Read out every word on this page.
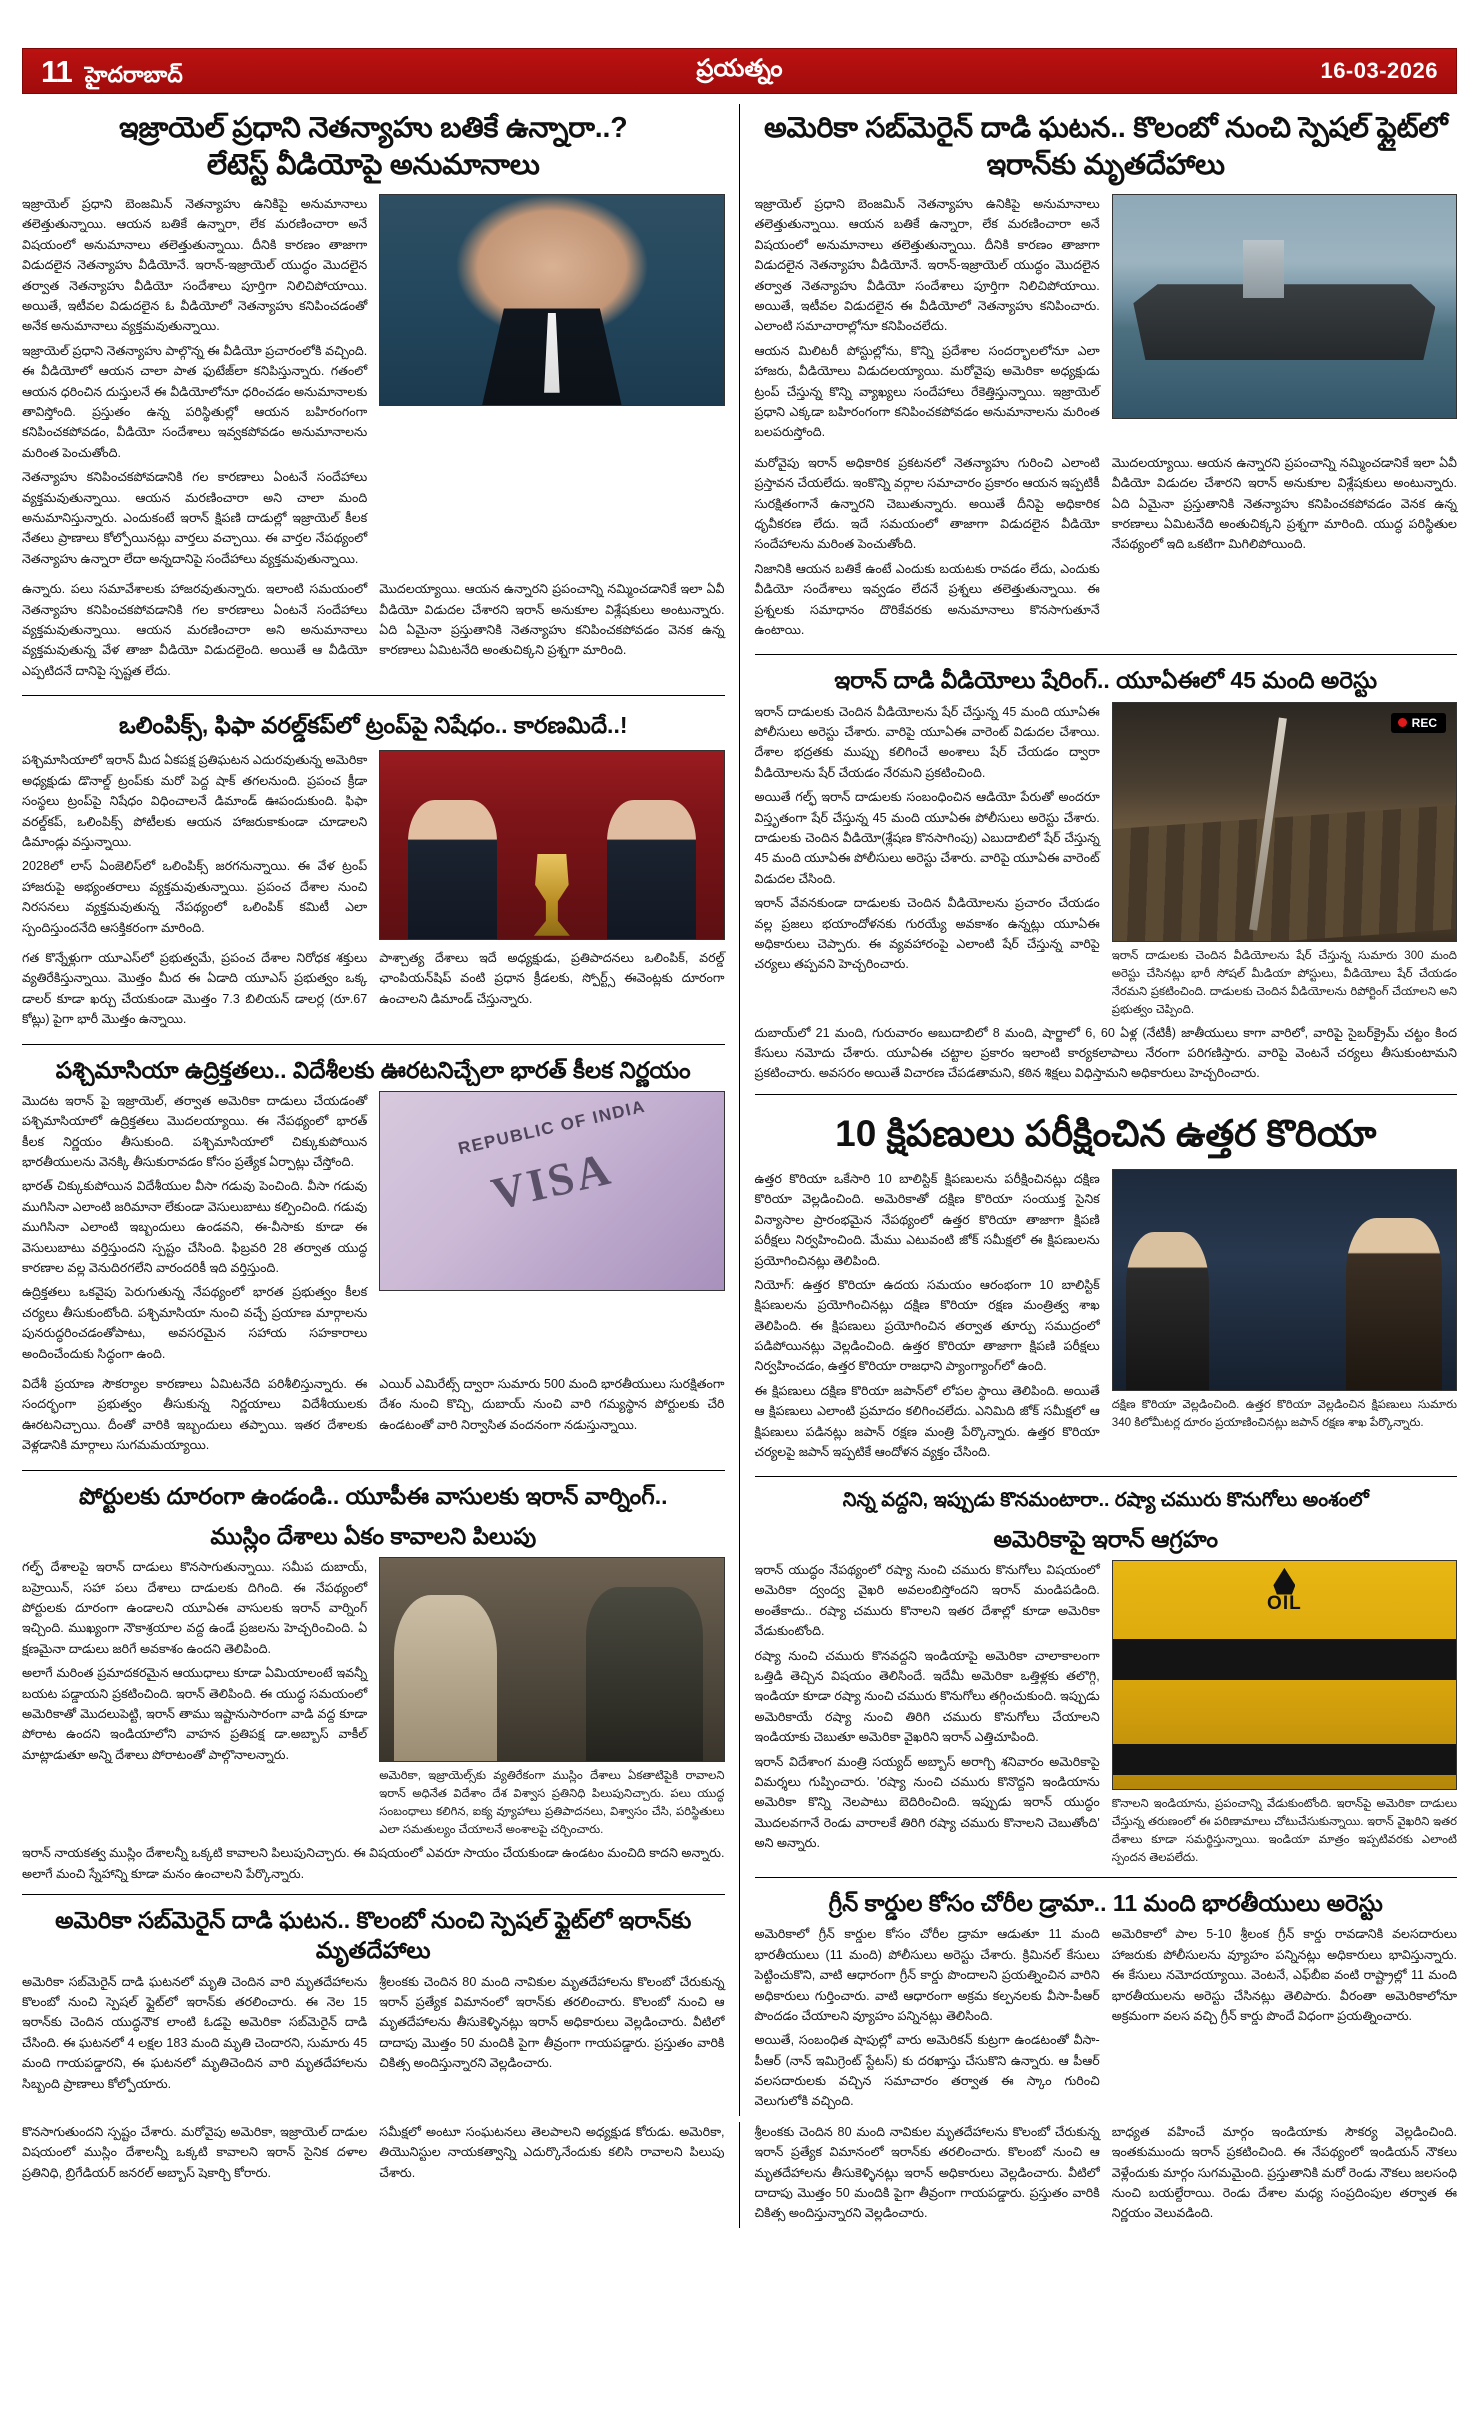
11 హైదరాబాద్	ప్రయత్నం	16-03-2026
ఇజ్రాయెల్ ప్రధాని నెతన్యాహు బతికే ఉన్నారా..?
లేటెస్ట్ వీడియోపై అనుమానాలు

ఇజ్రాయెల్ ప్రధాని బెంజమిన్ నెతన్యాహు ఉనికిపై అనుమానాలు తలెత్తుతున్నాయి. ఆయన బతికే ఉన్నారా, లేక మరణించారా అనే విషయంలో అనుమానాలు తలెత్తుతున్నాయి. దీనికి కారణం తాజాగా విడుదలైన నెతన్యాహు వీడియోనే. ఇరాన్-ఇజ్రాయెల్ యుద్ధం మొదలైన తర్వాత నెతన్యాహు వీడియో సందేశాలు పూర్తిగా నిలిచిపోయాయి. అయితే, ఇటీవల విడుదలైన ఓ వీడియోలో నెతన్యాహు కనిపించడంతో అనేక అనుమానాలు వ్యక్తమవుతున్నాయి.

ఇజ్రాయెల్ ప్రధాని నెతన్యాహు పాల్గొన్న ఈ వీడియో ప్రచారంలోకి వచ్చింది. ఈ వీడియోలో ఆయన చాలా పాత ఫుటేజ్‌లా కనిపిస్తున్నారు. గతంలో ఆయన ధరించిన దుస్తులనే ఈ వీడియోలోనూ ధరించడం అనుమానాలకు తావిస్తోంది. ప్రస్తుతం ఉన్న పరిస్థితుల్లో ఆయన బహిరంగంగా కనిపించకపోవడం, వీడియో సందేశాలు ఇవ్వకపోవడం అనుమానాలను మరింత పెంచుతోంది.

నెతన్యాహు కనిపించకపోవడానికి గల కారణాలు ఏంటనే సందేహాలు వ్యక్తమవుతున్నాయి. ఆయన మరణించారా అని చాలా మంది అనుమానిస్తున్నారు. ఎందుకంటే ఇరాన్ క్షిపణి దాడుల్లో ఇజ్రాయెల్ కీలక నేతలు ప్రాణాలు కోల్పోయినట్లు వార్తలు వచ్చాయి. ఈ వార్తల నేపథ్యంలో నెతన్యాహు ఉన్నారా లేదా అన్నదానిపై సందేహాలు వ్యక్తమవుతున్నాయి.

ఉన్నారు. పలు సమావేశాలకు హాజరవుతున్నారు. ఇలాంటి సమయంలో నెతన్యాహు కనిపించకపోవడానికి గల కారణాలు ఏంటనే సందేహాలు వ్యక్తమవుతున్నాయి. ఆయన మరణించారా అని అనుమానాలు వ్యక్తమవుతున్న వేళ తాజా వీడియో విడుదలైంది. అయితే ఆ వీడియో ఎప్పటిదనే దానిపై స్పష్టత లేదు.

మొదలయ్యాయి. ఆయన ఉన్నారని ప్రపంచాన్ని నమ్మించడానికే ఇలా ఏవీ వీడియో విడుదల చేశారని ఇరాన్ అనుకూల విశ్లేషకులు అంటున్నారు. ఏది ఏమైనా ప్రస్తుతానికి నెతన్యాహు కనిపించకపోవడం వెనక ఉన్న కారణాలు ఏమిటనేది అంతుచిక్కని ప్రశ్నగా మారింది.

ఒలింపిక్స్, ఫిఫా వరల్డ్‌కప్‌లో ట్రంప్‌పై నిషేధం.. కారణమిదే..!

పశ్చిమాసియాలో ఇరాన్ మీద ఏకపక్ష ప్రతిఘటన ఎదురవుతున్న అమెరికా అధ్యక్షుడు డొనాల్డ్ ట్రంప్‌కు మరో పెద్ద షాక్ తగలనుంది. ప్రపంచ క్రీడా సంస్థలు ట్రంప్‌పై నిషేధం విధించాలనే డిమాండ్ ఊపందుకుంది. ఫిఫా వరల్డ్‌కప్, ఒలింపిక్స్ పోటీలకు ఆయన హాజరుకాకుండా చూడాలని డిమాండ్లు వస్తున్నాయి.

2028లో లాస్ ఏంజెలిస్‌లో ఒలింపిక్స్ జరగనున్నాయి. ఈ వేళ ట్రంప్ హాజరుపై అభ్యంతరాలు వ్యక్తమవుతున్నాయి. ప్రపంచ దేశాల నుంచి నిరసనలు వ్యక్తమవుతున్న నేపథ్యంలో ఒలింపిక్ కమిటీ ఎలా స్పందిస్తుందనేది ఆసక్తికరంగా మారింది.

గత కొన్నేళ్లుగా యూఎస్‌లో ప్రభుత్వమే, ప్రపంచ దేశాల నిరోధక శక్తులు వ్యతిరేకిస్తున్నాయి. మొత్తం మీద ఈ ఏడాది యూఎస్ ప్రభుత్వం ఒక్క డాలర్ కూడా ఖర్చు చేయకుండా మొత్తం 7.3 బిలియన్ డాలర్ల (రూ.67 కోట్లు) పైగా భారీ మొత్తం ఉన్నాయి.

పాశ్చాత్య దేశాలు ఇదే అధ్యక్షుడు, ప్రతిపాదనలు ఒలింపిక్, వరల్డ్ ఛాంపియన్‌షిప్ వంటి ప్రధాన క్రీడలకు, స్పోర్ట్స్ ఈవెంట్లకు దూరంగా ఉంచాలని డిమాండ్ చేస్తున్నారు.

పశ్చిమాసియా ఉద్రిక్తతలు.. విదేశీలకు ఊరటనిచ్చేలా భారత్ కీలక నిర్ణయం

మెుదట ఇరాన్ పై ఇజ్రాయెల్, తర్వాత అమెరికా దాడులు చేయడంతో పశ్చిమాసియాలో ఉద్రిక్తతలు మొదలయ్యాయి. ఈ నేపథ్యంలో భారత్ కీలక నిర్ణయం తీసుకుంది. పశ్చిమాసియాలో చిక్కుకుపోయిన భారతీయులను వెనక్కి తీసుకురావడం కోసం ప్రత్యేక ఏర్పాట్లు చేస్తోంది.

భారత్ చిక్కుకుపోయిన విదేశీయుల వీసా గడువు పెంచింది. వీసా గడువు ముగిసినా ఎలాంటి జరిమానా లేకుండా వెసులుబాటు కల్పించింది. గడువు ముగిసినా ఎలాంటి ఇబ్బందులు ఉండవని, ఈ-వీసాకు కూడా ఈ వెసులుబాటు వర్తిస్తుందని స్పష్టం చేసింది. ఫిబ్రవరి 28 తర్వాత యుద్ధ కారణాల వల్ల వెనుదిరగలేని వారందరికీ ఇది వర్తిస్తుంది.

ఉద్రిక్తతలు ఒకవైపు పెరుగుతున్న నేపథ్యంలో భారత ప్రభుత్వం కీలక చర్యలు తీసుకుంటోంది. పశ్చిమాసియా నుంచి వచ్చే ప్రయాణ మార్గాలను పునరుద్ధరించడంతోపాటు, అవసరమైన సహాయ సహకారాలు అందించేందుకు సిద్ధంగా ఉంది.

VISA REPUBLIC OF INDIA

విదేశీ ప్రయాణ సౌకర్యాల కారణాలు ఏమిటనేది పరిశీలిస్తున్నారు. ఈ సందర్భంగా ప్రభుత్వం తీసుకున్న నిర్ణయాలు విదేశీయులకు ఊరటనిచ్చాయి. దీంతో వారికి ఇబ్బందులు తప్పాయి. ఇతర దేశాలకు వెళ్లడానికి మార్గాలు సుగమమయ్యాయి.

ఎయిర్ ఎమిరేట్స్ ద్వారా సుమారు 500 మంది భారతీయులు సురక్షితంగా దేశం నుంచి కొచ్చి, దుబాయ్ నుంచి వారి గమ్యస్థాన పోర్టులకు చేరి ఉండటంతో వారి నిర్వాసిత వందనంగా నడుస్తున్నాయి.

పోర్టులకు దూరంగా ఉండండి.. యూపీఈ వాసులకు ఇరాన్ వార్నింగ్..
ముస్లిం దేశాలు ఏకం కావాలని పిలుపు

గల్ఫ్ దేశాలపై ఇరాన్ దాడులు కొనసాగుతున్నాయి. సమీప దుబాయ్, బహ్రెయిన్, సహా పలు దేశాలు దాడులకు దిగింది. ఈ నేపథ్యంలో పోర్టులకు దూరంగా ఉండాలని యూఏఈ వాసులకు ఇరాన్ వార్నింగ్ ఇచ్చింది. ముఖ్యంగా నౌకాశ్రయాల వద్ద ఉండే ప్రజలను హెచ్చరించింది. ఏ క్షణమైనా దాడులు జరిగే అవకాశం ఉందని తెలిపింది.

అలాగే మరింత ప్రమాదకరమైన ఆయుధాలు కూడా ఏమియాలంటే ఇవన్నీ బయట పడ్డాయని ప్రకటించింది. ఇరాన్ తెలిపింది. ఈ యుద్ధ సమయంలో అమెరికాతో మొదలుపెట్టి, ఇరాన్ తాము ఇష్టానుసారంగా వాడి వద్ద కూడా పోరాట ఉందని ఇండియాలోని వాహన ప్రతిపక్ష డా.అబ్బాస్ వాకీల్ మాట్లాడుతూ అన్ని దేశాలు పోరాటంతో పాల్గొనాలన్నారు.

అమెరికా, ఇజ్రాయెల్స్‌కు వ్యతిరేకంగా ముస్లిం దేశాలు ఏకతాటిపైకి రావాలని ఇరాన్ అధినేత విదేశాం దేశ విశ్వాస ప్రతినిధి పిలుపునిచ్చారు. పలు యుద్ధ సంబంధాలు కలిగిన, ఐక్య వ్యూహాలు ప్రతిపాదనలు, విశ్వాసం చేసి, పరిస్థితులు ఎలా సమతుల్యం చేయాలనే అంశాలపై చర్చించారు.

ఇరాన్ నాయకత్వ ముస్లిం దేశాలన్నీ ఒక్కటి కావాలని పిలుపునిచ్చారు. ఈ విషయంలో ఎవరూ సాయం చేయకుండా ఉండటం మంచిది కాదని అన్నారు. అలాగే మంచి స్నేహాన్ని కూడా మనం ఉంచాలని పేర్కొన్నారు.

అమెరికా సబ్‌మెరైన్ దాడి ఘటన.. కొలంబో నుంచి స్పెషల్ ఫ్లైట్‌లో ఇరాన్‌కు మృతదేహాలు

అమెరికా సబ్‌మెరైన్ దాడి ఘటనలో మృతి చెందిన వారి మృతదేహాలను కొలంబో నుంచి స్పెషల్ ఫ్లైట్‌లో ఇరాన్‌కు తరలించారు. ఈ నెల 15 ఇరాన్‌కు చెందిన యుద్ధనౌక లాంటి ఓడపై అమెరికా సబ్‌మెరైన్ దాడి చేసింది. ఈ ఘటనలో 4 లక్షల 183 మంది మృతి చెందారని, సుమారు 45 మంది గాయపడ్డారని, ఈ ఘటనలో మృతిచెందిన వారి మృతదేహాలను సిబ్బంది ప్రాణాలు కోల్పోయారు.

శ్రీలంకకు చెందిన 80 మంది నావికుల మృతదేహాలను కొలంబో చేరుకున్న ఇరాన్ ప్రత్యేక విమానంలో ఇరాన్‌కు తరలించారు. కొలంబో నుంచి ఆ మృతదేహాలను తీసుకెళ్ళినట్లు ఇరాన్ అధికారులు వెల్లడించారు. వీటిలో దాదాపు మొత్తం 50 మందికి పైగా తీవ్రంగా గాయపడ్డారు. ప్రస్తుతం వారికి చికిత్స అందిస్తున్నారని వెల్లడించారు.

అమెరికా సబ్‌మెరైన్ దాడి ఘటన.. కొలంబో నుంచి స్పెషల్ ఫ్లైట్‌లో
ఇరాన్‌కు మృతదేహాలు

ఇజ్రాయెల్ ప్రధాని బెంజమిన్ నెతన్యాహు ఉనికిపై అనుమానాలు తలెత్తుతున్నాయి. ఆయన బతికే ఉన్నారా, లేక మరణించారా అనే విషయంలో అనుమానాలు తలెత్తుతున్నాయి. దీనికి కారణం తాజాగా విడుదలైన నెతన్యాహు వీడియోనే. ఇరాన్-ఇజ్రాయెల్ యుద్ధం మొదలైన తర్వాత నెతన్యాహు వీడియో సందేశాలు పూర్తిగా నిలిచిపోయాయి. అయితే, ఇటీవల విడుదలైన ఈ వీడియోలో నెతన్యాహు కనిపించారు. ఎలాంటి సమాచారాల్లోనూ కనిపించలేదు.

ఆయన మిలిటరీ పోస్టుల్లోను, కొన్ని ప్రదేశాల సందర్భాలలోనూ ఎలా హాజరు, వీడియోలు విడుదలయ్యాయి. మరోవైపు అమెరికా అధ్యక్షుడు ట్రంప్ చేస్తున్న కొన్ని వ్యాఖ్యలు సందేహాలు రేకెత్తిస్తున్నాయి. ఇజ్రాయెల్ ప్రధాని ఎక్కడా బహిరంగంగా కనిపించకపోవడం అనుమానాలను మరింత బలపరుస్తోంది.

మరోవైపు ఇరాన్ అధికారిక ప్రకటనలో నెతన్యాహు గురించి ఎలాంటి ప్రస్తావన చేయలేదు. ఇంకొన్ని వర్గాల సమాచారం ప్రకారం ఆయన ఇప్పటికీ సురక్షితంగానే ఉన్నారని చెబుతున్నారు. అయితే దీనిపై అధికారిక ధృవీకరణ లేదు. ఇదే సమయంలో తాజాగా విడుదలైన వీడియో సందేహాలను మరింత పెంచుతోంది.

నిజానికి ఆయన బతికే ఉంటే ఎందుకు బయటకు రావడం లేదు, ఎందుకు వీడియో సందేశాలు ఇవ్వడం లేదనే ప్రశ్నలు తలెత్తుతున్నాయి. ఈ ప్రశ్నలకు సమాధానం దొరికేవరకు అనుమానాలు కొనసాగుతూనే ఉంటాయి.

మొదలయ్యాయి. ఆయన ఉన్నారని ప్రపంచాన్ని నమ్మించడానికే ఇలా ఏవీ వీడియో విడుదల చేశారని ఇరాన్ అనుకూల విశ్లేషకులు అంటున్నారు. ఏది ఏమైనా ప్రస్తుతానికి నెతన్యాహు కనిపించకపోవడం వెనక ఉన్న కారణాలు ఏమిటనేది అంతుచిక్కని ప్రశ్నగా మారింది. యుద్ధ పరిస్థితుల నేపథ్యంలో ఇది ఒకటిగా మిగిలిపోయింది.

ఇరాన్ దాడి వీడియోలు షేరింగ్.. యూఏఈలో 45 మంది అరెస్టు

ఇరాన్ దాడులకు చెందిన వీడియోలను షేర్ చేస్తున్న 45 మంది యూఏఈ పోలీసులు అరెస్టు చేశారు. వారిపై యూఏఈ వారెంట్ విడుదల చేశాయి. దేశాల భద్రతకు ముప్పు కలిగించే అంశాలు షేర్ చేయడం ద్వారా వీడియోలను షేర్ చేయడం నేరమని ప్రకటించింది.

అయితే గల్ఫ్ ఇరాన్ దాడులకు సంబంధించిన ఆడియో పేరుతో అందరూ విస్తృతంగా షేర్ చేస్తున్న 45 మంది యూఏఈ పోలీసులు అరెస్టు చేశారు. దాడులకు చెందిన వీడియో(శ్లేషణ కొనసాగింపు) ఎబుదాబిలో షేర్ చేస్తున్న 45 మంది యూఏఈ పోలీసులు అరెస్టు చేశారు. వారిపై యూఏఈ వారెంట్ విడుదల చేసింది.

ఇరాన్ వేవనకుండా దాడులకు చెందిన వీడియోలను ప్రచారం చేయడం వల్ల ప్రజలు భయాందోళనకు గురయ్యే అవకాశం ఉన్నట్లు యూఏఈ అధికారులు చెప్పారు. ఈ వ్యవహారంపై ఎలాంటి షేర్ చేస్తున్న వారిపై చర్యలు తప్పవని హెచ్చరించారు.

REC
ఇరాన్ దాడులకు చెందిన వీడియోలను షేర్ చేస్తున్న సుమారు 300 మంది అరెస్టు చేసినట్లు భారీ సోషల్ మీడియా పోస్టులు, వీడియోలు షేర్ చేయడం నేరమని ప్రకటించింది. దాడులకు చెందిన వీడియోలను రిపోర్టింగ్ చేయాలని అని ప్రభుత్వం చెప్పింది.

దుబాయ్‌లో 21 మంది, గురువారం అబుదాబిలో 8 మంది, షార్జాలో 6, 60 ఏళ్ల (నేటికీ) జాతీయులు కాగా వారిలో, వారిపై సైబర్‌క్రైమ్ చట్టం కింద కేసులు నమోదు చేశారు. యూఏఈ చట్టాల ప్రకారం ఇలాంటి కార్యకలాపాలు నేరంగా పరిగణిస్తారు. వారిపై వెంటనే చర్యలు తీసుకుంటామని ప్రకటించారు. అవసరం అయితే విచారణ చేపడతామని, కఠిన శిక్షలు విధిస్తామని అధికారులు హెచ్చరించారు.

10 క్షిపణులు పరీక్షించిన ఉత్తర కొరియా

ఉత్తర కొరియా ఒకేసారి 10 బాలిస్టిక్ క్షిపణులను పరీక్షించినట్లు దక్షిణ కొరియా వెల్లడించింది. అమెరికాతో దక్షిణ కొరియా సంయుక్త సైనిక విన్యాసాల ప్రారంభమైన నేపథ్యంలో ఉత్తర కొరియా తాజాగా క్షిపణి పరీక్షలు నిర్వహించింది. మేము ఎటువంటి జోక్ సమీక్షలో ఈ క్షిపణులను ప్రయోగించినట్లు తెలిపింది.

నియోగ్: ఉత్తర కొరియా ఉదయ సమయం ఆరంభంగా 10 బాలిస్టిక్ క్షిపణులను ప్రయోగించినట్లు దక్షిణ కొరియా రక్షణ మంత్రిత్వ శాఖ తెలిపింది. ఈ క్షిపణులు ప్రయోగించిన తర్వాత తూర్పు సముద్రంలో పడిపోయినట్లు వెల్లడించింది. ఉత్తర కొరియా తాజాగా క్షిపణి పరీక్షలు నిర్వహించడం, ఉత్తర కొరియా రాజధాని ప్యాంగ్యాంగ్‌లో ఉంది.

ఈ క్షిపణులు దక్షిణ కొరియా జపాన్‌లో లోపల స్థాయి తెలిపింది. అయితే ఆ క్షిపణులు ఎలాంటి ప్రమాదం కలిగించలేదు. ఎనిమిది జోక్ సమీక్షలో ఆ క్షిపణులు పడినట్లు జపాన్ రక్షణ మంత్రి పేర్కొన్నారు. ఉత్తర కొరియా చర్యలపై జపాన్ ఇప్పటికే ఆందోళన వ్యక్తం చేసింది.

దక్షిణ కొరియా వెల్లడించింది. ఉత్తర కొరియా వెల్లడించిన క్షిపణులు సుమారు 340 కిలోమీటర్ల దూరం ప్రయాణించినట్లు జపాన్ రక్షణ శాఖ పేర్కొన్నారు.
నిన్న వద్దని, ఇప్పుడు కొనమంటారా.. రష్యా చమురు కొనుగోలు అంశంలో
అమెరికాపై ఇరాన్ ఆగ్రహం

ఇరాన్ యుద్ధం నేపథ్యంలో రష్యా నుంచి చమురు కొనుగోలు విషయంలో అమెరికా ద్వంద్వ వైఖరి అవలంబిస్తోందని ఇరాన్ మండిపడింది. అంతేకాదు.. రష్యా చమురు కొనాలని ఇతర దేశాల్లో కూడా అమెరికా వేడుకుంటోంది.

రష్యా నుంచి చమురు కొనవద్దని ఇండియాపై అమెరికా చాలాకాలంగా ఒత్తిడి తెచ్చిన విషయం తెలిసిందే. ఇదేమీ అమెరికా ఒత్తిళ్లకు తలొగ్గి, ఇండియా కూడా రష్యా నుంచి చమురు కొనుగోలు తగ్గించుకుంది. ఇప్పుడు అమెరికాయే రష్యా నుంచి తిరిగి చమురు కొనుగోలు చేయాలని ఇండియాకు చెబుతూ అమెరికా వైఖరిని ఇరాన్ ఎత్తిచూపింది.

ఇరాన్ విదేశాంగ మంత్రి సయ్యద్ అబ్బాస్ అరాగ్చి శనివారం అమెరికాపై విమర్శలు గుప్పించారు. 'రష్యా నుంచి చమురు కొనొద్దని ఇండియాను అమెరికా కొన్ని నెలపాటు బెదిరించింది. ఇప్పుడు ఇరాన్ యుద్ధం మొదలవగానే రెండు వారాలకే తిరిగి రష్యా చమురు కొనాలని చెబుతోంది' అని అన్నారు.

OIL
కొనాలని ఇండియాను, ప్రపంచాన్ని వేడుకుంటోంది. ఇరాన్‌పై అమెరికా దాడులు చేస్తున్న తరుణంలో ఈ పరిణామాలు చోటుచేసుకున్నాయి. ఇరాన్ వైఖరిని ఇతర దేశాలు కూడా సమర్థిస్తున్నాయి. ఇండియా మాత్రం ఇప్పటివరకు ఎలాంటి స్పందన తెలపలేదు.
గ్రీన్ కార్డుల కోసం చోరీల డ్రామా.. 11 మంది భారతీయులు అరెస్టు

అమెరికాలో గ్రీన్ కార్డుల కోసం చోరీల డ్రామా ఆడుతూ 11 మంది భారతీయులు (11 మంది) పోలీసులు అరెస్టు చేశారు. క్రిమినల్ కేసులు పెట్టించుకొని, వాటి ఆధారంగా గ్రీన్ కార్డు పొందాలని ప్రయత్నించిన వారిని అధికారులు గుర్తించారు. వాటి ఆధారంగా అక్రమ కల్పనలకు వీసా-పీఆర్ పొందడం చేయాలని వ్యూహం పన్నినట్లు తెలిసింది.

అయితే, సంబంధిత షాపుల్లో వారు అమెరికన్ కుట్రగా ఉండటంతో వీసా-పీఆర్ (నాన్ ఇమిగ్రెంట్ స్టేటస్) కు దరఖాస్తు చేసుకొని ఉన్నారు. ఆ పీఆర్ వలసదారులకు వచ్చిన సమాచారం తర్వాత ఈ స్కాం గురించి వెలుగులోకి వచ్చింది.

అమెరికాలో పాల 5-10 శ్రీలంక గ్రీన్ కార్డు రావడానికి వలసదారులు హాజరుకు పోలీసులను వ్యూహం పన్నినట్లు అధికారులు భావిస్తున్నారు. ఈ కేసులు నమోదయ్యాయి. వెంటనే, ఎఫ్‌బీఐ వంటి రాష్ట్రాల్లో 11 మంది భారతీయులను అరెస్టు చేసినట్లు తెలిపారు. వీరంతా అమెరికాలోనూ అక్రమంగా వలస వచ్చి గ్రీన్ కార్డు పొందే విధంగా ప్రయత్నించారు.

కొనసాగుతుందని స్పష్టం చేశారు. మరోవైపు అమెరికా, ఇజ్రాయెల్ దాడుల విషయంలో ముస్లిం దేశాలన్నీ ఒక్కటి కావాలని ఇరాన్ సైనిక దళాల ప్రతినిధి, బ్రిగేడియర్ జనరల్ అబ్బాస్ షెకార్చి కోరారు.

సమీక్షలో అంటూ సంఘటనలు తెలపాలని అధ్యక్షుడ కోరుడు. అమెరికా, తియొనిస్టుల నాయకత్వాన్ని ఎదుర్కొనేందుకు కలిసి రావాలని పిలుపు చేశారు.

శ్రీలంకకు చెందిన 80 మంది నావికుల మృతదేహాలను కొలంబో చేరుకున్న ఇరాన్ ప్రత్యేక విమానంలో ఇరాన్‌కు తరలించారు. కొలంబో నుంచి ఆ మృతదేహాలను తీసుకెళ్ళినట్లు ఇరాన్ అధికారులు వెల్లడించారు. వీటిలో దాదాపు మొత్తం 50 మందికి పైగా తీవ్రంగా గాయపడ్డారు. ప్రస్తుతం వారికి చికిత్స అందిస్తున్నారని వెల్లడించారు.

బాధ్యత వహించే మార్గం ఇండియాకు సౌకర్య వెల్లడించింది. ఇంతకుముందు ఇరాన్ ప్రకటించింది. ఈ నేపథ్యంలో ఇండియన్ నౌకలు వెళ్లేందుకు మార్గం సుగమమైంది. ప్రస్తుతానికి మరో రెండు నౌకలు జలసంధి నుంచి బయల్దేరాయి. రెండు దేశాల మధ్య సంప్రదింపుల తర్వాత ఈ నిర్ణయం వెలువడింది.
